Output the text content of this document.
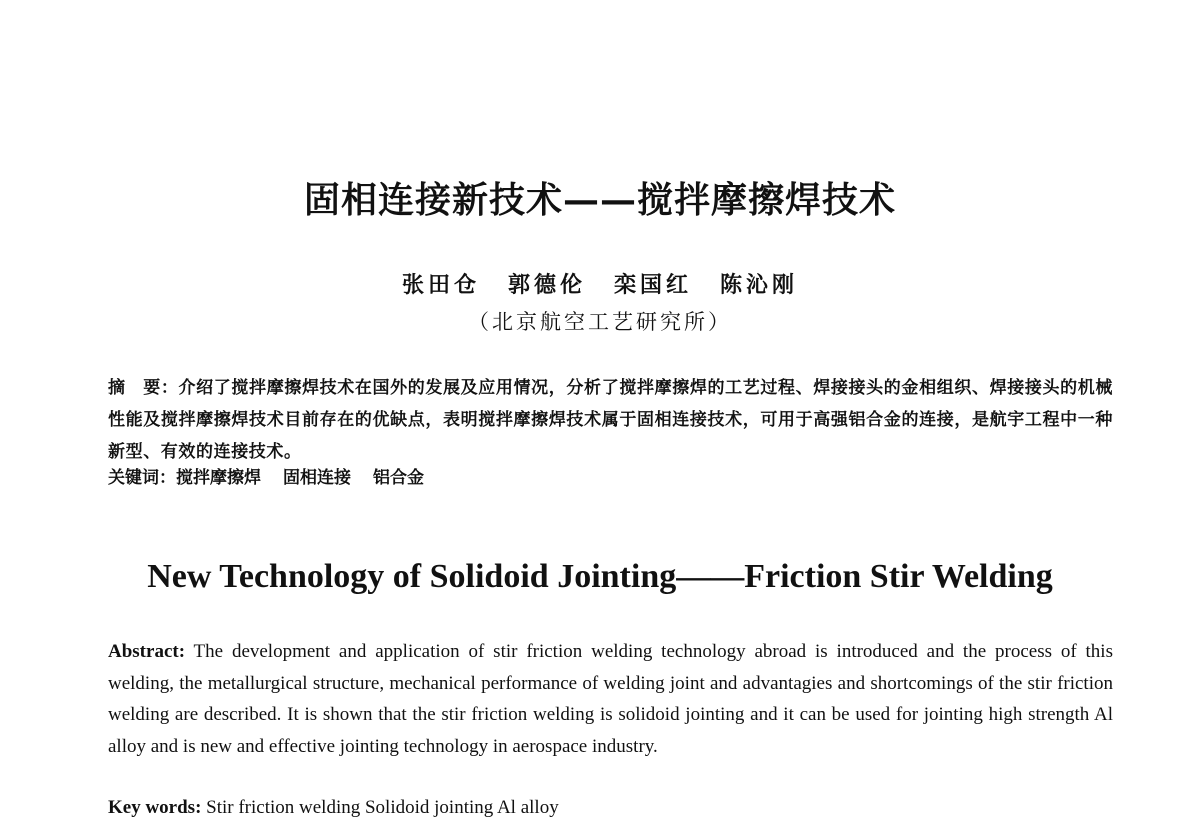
固相连接新技术——搅拌摩擦焊技术
张田仓 郭德伦 栾国红 陈沁刚
（北京航空工艺研究所）
摘　要：介绍了搅拌摩擦焊技术在国外的发展及应用情况，分析了搅拌摩擦焊的工艺过程、焊接接头的金相组织、焊接接头的机械性能及搅拌摩擦焊技术目前存在的优缺点，表明搅拌摩擦焊技术属于固相连接技术，可用于高强铝合金的连接，是航宇工程中一种新型、有效的连接技术。
关键词：搅拌摩擦焊 固相连接 铝合金
New Technology of Solidoid Jointing——Friction Stir Welding
Abstract: The development and application of stir friction welding technology abroad is introduced and the process of this welding, the metallurgical structure, mechanical performance of welding joint and advantagies and shortcomings of the stir friction welding are described. It is shown that the stir friction welding is solidoid jointing and it can be used for jointing high strength Al alloy and is new and effective jointing technology in aerospace industry.
Key words: Stir friction welding Solidoid jointing Al alloy
